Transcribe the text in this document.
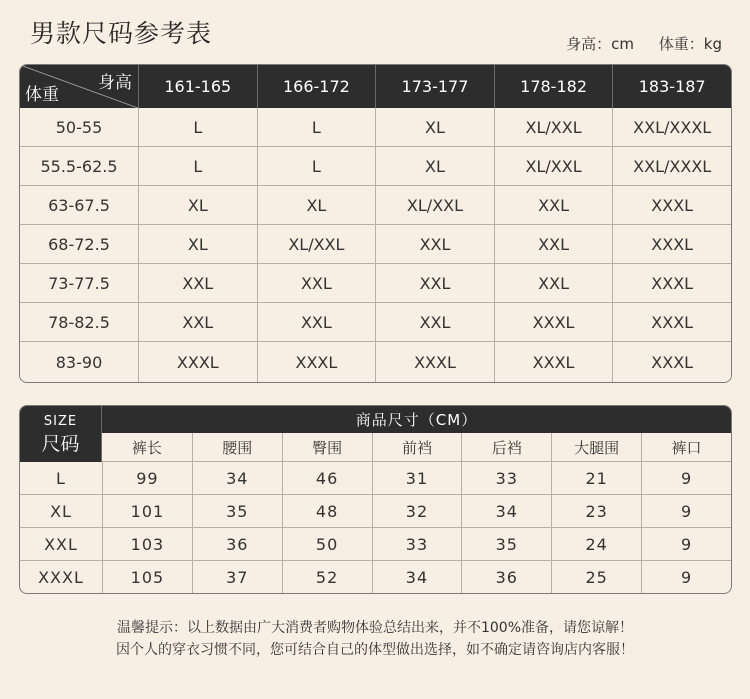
男款尺码参考表	身高：cm 体重：kg
身高
体重	161-165	166-172	173-177	178-182	183-187
50-55	L	L	XL	XL/XXL	XXL/XXXL
55.5-62.5	L	L	XL	XL/XXL	XXL/XXXL
63-67.5	XL	XL	XL/XXL	XXL	XXXL
68-72.5	XL	XL/XXL	XXL	XXL	XXXL
73-77.5	XXL	XXL	XXL	XXL	XXXL
78-82.5	XXL	XXL	XXL	XXXL	XXXL
83-90	XXXL	XXXL	XXXL	XXXL	XXXL
SIZE
尺码	商品尺寸（CM）						
	裤长	腰围	臀围	前裆	后裆	大腿围	裤口
L	99	34	46	31	33	21	9
XL	101	35	48	32	34	23	9
XXL	103	36	50	33	35	24	9
XXXL	105	37	52	34	36	25	9
温馨提示：以上数据由广大消费者购物体验总结出来，并不100%准备，请您谅解！
因个人的穿衣习惯不同，您可结合自己的体型做出选择，如不确定请咨询店内客服！
